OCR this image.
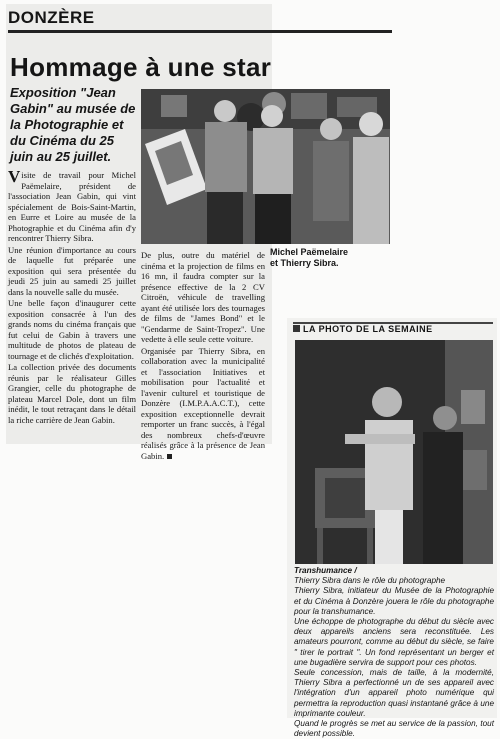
DONZÈRE
Hommage à une star
Exposition "Jean Gabin" au musée de la Photographie et du Cinéma du 25 juin au 25 juillet.
Michel Paëmelaire
et Thierry Sibra.

Visite de travail pour Michel Paëmelaire, président de l'association Jean Gabin, qui vint spécialement de Bois-Saint-Martin, en Eurre et Loire au musée de la Photographie et du Cinéma afin d'y rencontrer Thierry Sibra.

Une réunion d'importance au cours de laquelle fut préparée une exposition qui sera présentée du jeudi 25 juin au samedi 25 juillet dans la nouvelle salle du musée.

Une belle façon d'inaugurer cette exposition consacrée à l'un des grands noms du cinéma français que fut celui de Gabin à travers une multitude de photos de plateau de tournage et de clichés d'exploitation.

La collection privée des documents réunis par le réalisateur Gilles Grangier, celle du photographe de plateau Marcel Dole, dont un film inédit, le tout retraçant dans le détail la riche carrière de Jean Gabin.

De plus, outre du matériel de cinéma et la projection de films en 16 mn, il faudra compter sur la présence effective de la 2 CV Citroën, véhicule de travelling ayant été utilisée lors des tournages de films de "James Bond" et le "Gendarme de Saint-Tropez". Une vedette à elle seule cette voiture.

Organisée par Thierry Sibra, en collaboration avec la municipalité et l'association Initiatives et mobilisation pour l'actualité et l'avenir culturel et touristique de Donzère (I.M.P.A.A.C.T.), cette exposition exceptionnelle devrait remporter un franc succès, à l'égal des nombreux chefs-d'œuvre réalisés grâce à la présence de Jean Gabin.

LA PHOTO DE LA SEMAINE

Transhumance /

Thierry Sibra dans le rôle du photographe

Thierry Sibra, initiateur du Musée de la Photographie et du Cinéma à Donzère jouera le rôle du photographe pour la transhumance.

Une échoppe de photographe du début du siècle avec deux appareils anciens sera reconstituée. Les amateurs pourront, comme au début du siècle, se faire " tirer le portrait ". Un fond représentant un berger et une bugadière servira de support pour ces photos.

Seule concession, mais de taille, à la modernité, Thierry Sibra a perfectionné un de ses appareil avec l'intégration d'un appareil photo numérique qui permettra la reproduction quasi instantané grâce à une imprimante couleur.

Quand le progrès se met au service de la passion, tout devient possible.
